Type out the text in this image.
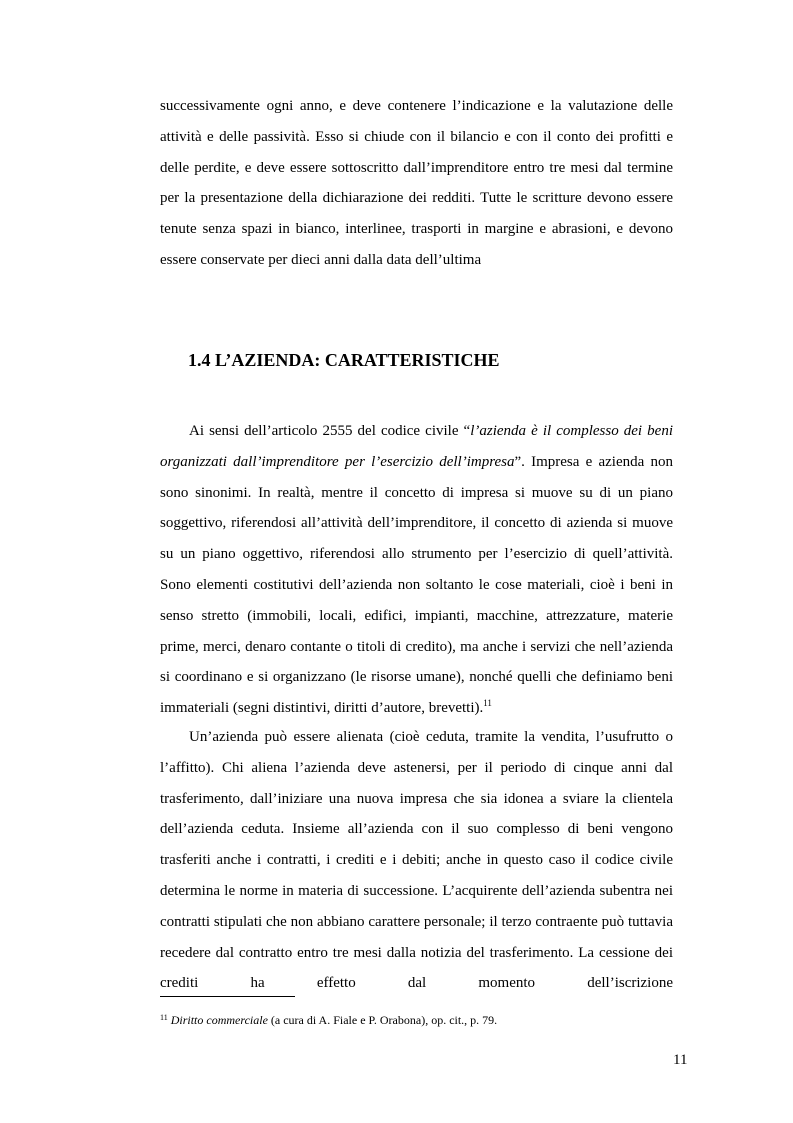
successivamente ogni anno, e deve contenere l’indicazione e la valutazione delle attività e delle passività. Esso si chiude con il bilancio e con il conto dei profitti e delle perdite, e deve essere sottoscritto dall’imprenditore entro tre mesi dal termine per la presentazione della dichiarazione dei redditi. Tutte le scritture devono essere tenute senza spazi in bianco, interlinee, trasporti in margine e abrasioni, e devono essere conservate per dieci anni dalla data dell’ultima

1.4 L’AZIENDA: CARATTERISTICHE

Ai sensi dell’articolo 2555 del codice civile “l’azienda è il complesso dei beni organizzati dall’imprenditore per l’esercizio dell’impresa”. Impresa e azienda non sono sinonimi. In realtà, mentre il concetto di impresa si muove su di un piano soggettivo, riferendosi all’attività dell’imprenditore, il concetto di azienda si muove su un piano oggettivo, riferendosi allo strumento per l’esercizio di quell’attività. Sono elementi costitutivi dell’azienda non soltanto le cose materiali, cioè i beni in senso stretto (immobili, locali, edifici, impianti, macchine, attrezzature, materie prime, merci, denaro contante o titoli di credito), ma anche i servizi che nell’azienda si coordinano e si organizzano (le risorse umane), nonché quelli che definiamo beni immateriali (segni distintivi, diritti d’autore, brevetti).$^{11}$

Un’azienda può essere alienata (cioè ceduta, tramite la vendita, l’usufrutto o l’affitto). Chi aliena l’azienda deve astenersi, per il periodo di cinque anni dal trasferimento, dall’iniziare una nuova impresa che sia idonea a sviare la clientela dell’azienda ceduta. Insieme all’azienda con il suo complesso di beni vengono trasferiti anche i contratti, i crediti e i debiti; anche in questo caso il codice civile determina le norme in materia di successione. L’acquirente dell’azienda subentra nei contratti stipulati che non abbiano carattere personale; il terzo contraente può tuttavia recedere dal contratto entro tre mesi dalla notizia del trasferimento. La cessione dei crediti ha effetto dal momento dell’iscrizione

$^{11}$ Diritto commerciale (a cura di A. Fiale e P. Orabona), op. cit., p. 79.
11
